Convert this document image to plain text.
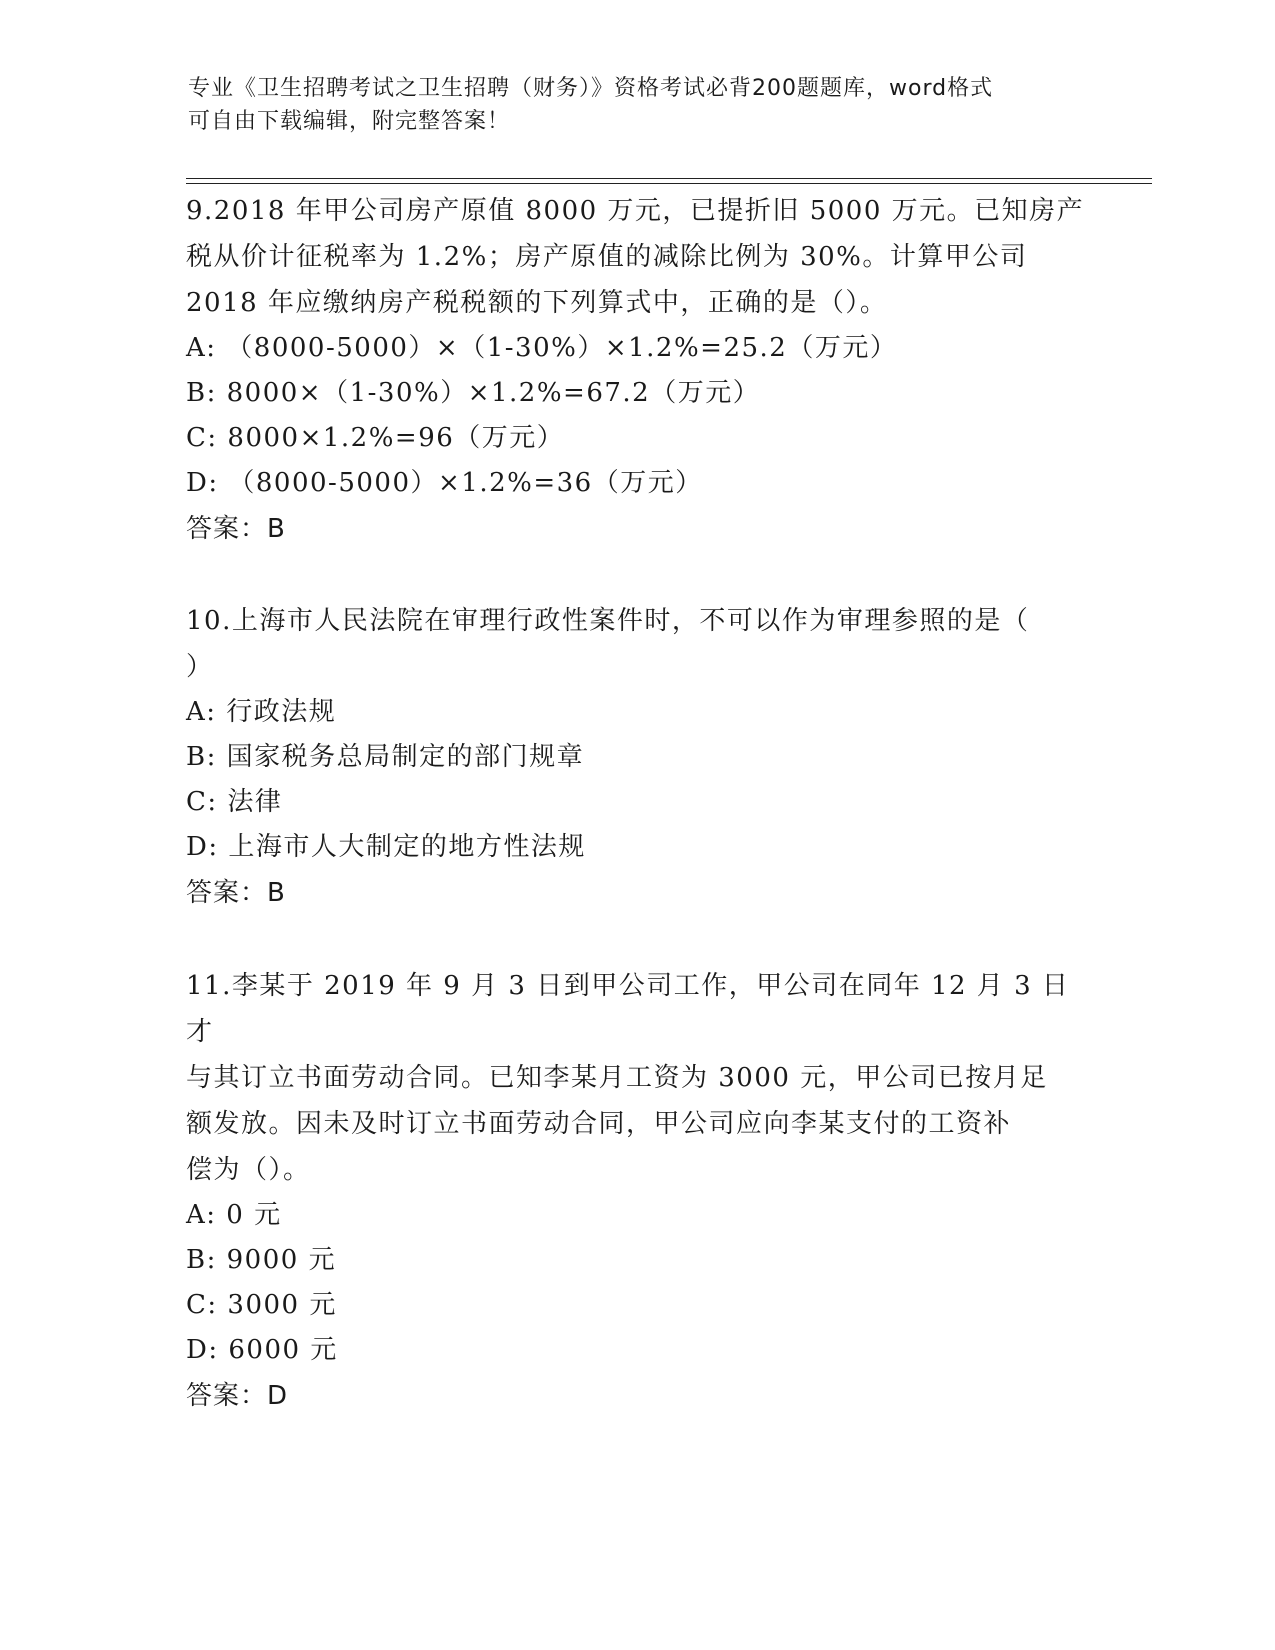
专业《卫生招聘考试之卫生招聘（财务）》资格考试必背200题题库，word格式
可自由下载编辑，附完整答案！
9.2018 年甲公司房产原值 8000 万元，已提折旧 5000 万元。已知房产
税从价计征税率为 1.2%；房产原值的减除比例为 30%。计算甲公司
2018 年应缴纳房产税税额的下列算式中，正确的是（）。
A: （8000-5000）×（1-30%）×1.2%=25.2（万元）
B: 8000×（1-30%）×1.2%=67.2（万元）
C: 8000×1.2%=96（万元）
D: （8000-5000）×1.2%=36（万元）
答案：B
10.上海市人民法院在审理行政性案件时，不可以作为审理参照的是（
）
A: 行政法规
B: 国家税务总局制定的部门规章
C: 法律
D: 上海市人大制定的地方性法规
答案：B
11.李某于 2019 年 9 月 3 日到甲公司工作，甲公司在同年 12 月 3 日才
与其订立书面劳动合同。已知李某月工资为 3000 元，甲公司已按月足
额发放。因未及时订立书面劳动合同，甲公司应向李某支付的工资补
偿为（）。
A: 0 元
B: 9000 元
C: 3000 元
D: 6000 元
答案：D
